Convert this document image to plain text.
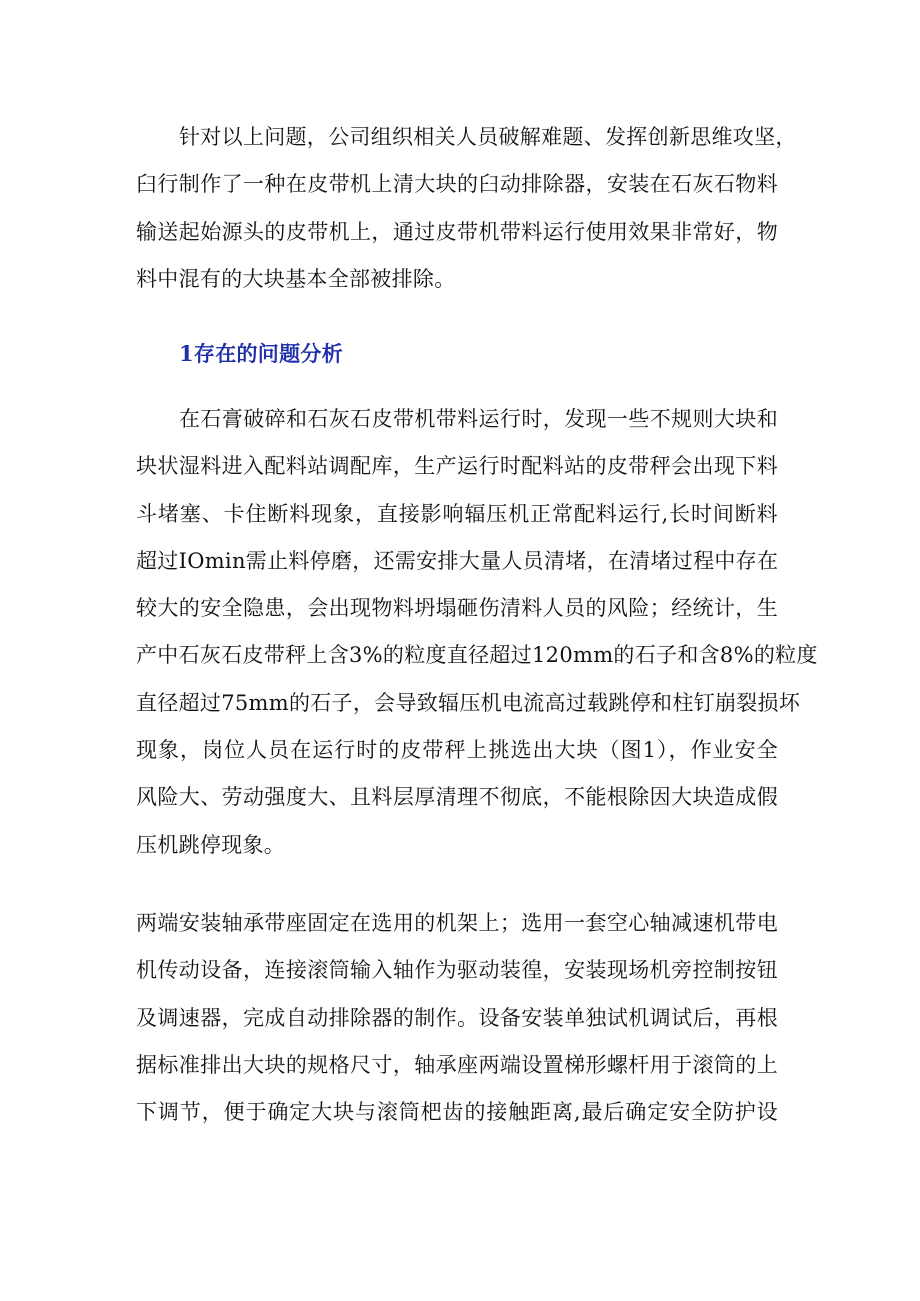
针对以上问题，公司组织相关人员破解难题、发挥创新思维攻坚，
臼行制作了一种在皮带机上清大块的臼动排除器，安装在石灰石物料
输送起始源头的皮带机上，通过皮带机带料运行使用效果非常好，物
料中混有的大块基本全部被排除。
1存在的问题分析
在石膏破碎和石灰石皮带机带料运行时，发现一些不规则大块和
块状湿料进入配料站调配库，生产运行时配料站的皮带秤会出现下料
斗堵塞、卡住断料现象，直接影响辐压机正常配料运行,长时间断料
超过IOmin需止料停磨，还需安排大量人员清堵，在清堵过程中存在
较大的安全隐患，会出现物料坍塌砸伤清料人员的风险；经统计，生
产中石灰石皮带秤上含3%的粒度直径超过120mm的石子和含8%的粒度
直径超过75mm的石子，会导致辐压机电流高过载跳停和柱钉崩裂损坏
现象，岗位人员在运行时的皮带秤上挑选出大块（图1），作业安全
风险大、劳动强度大、且料层厚清理不彻底，不能根除因大块造成假
压机跳停现象。
两端安装轴承带座固定在选用的机架上；选用一套空心轴减速机带电
机传动设备，连接滚筒输入轴作为驱动装徨，安装现场机旁控制按钮
及调速器，完成自动排除器的制作。设备安装单独试机调试后，再根
据标准排出大块的规格尺寸，轴承座两端设置梯形螺杆用于滚筒的上
下调节，便于确定大块与滚筒杷齿的接触距离,最后确定安全防护设
